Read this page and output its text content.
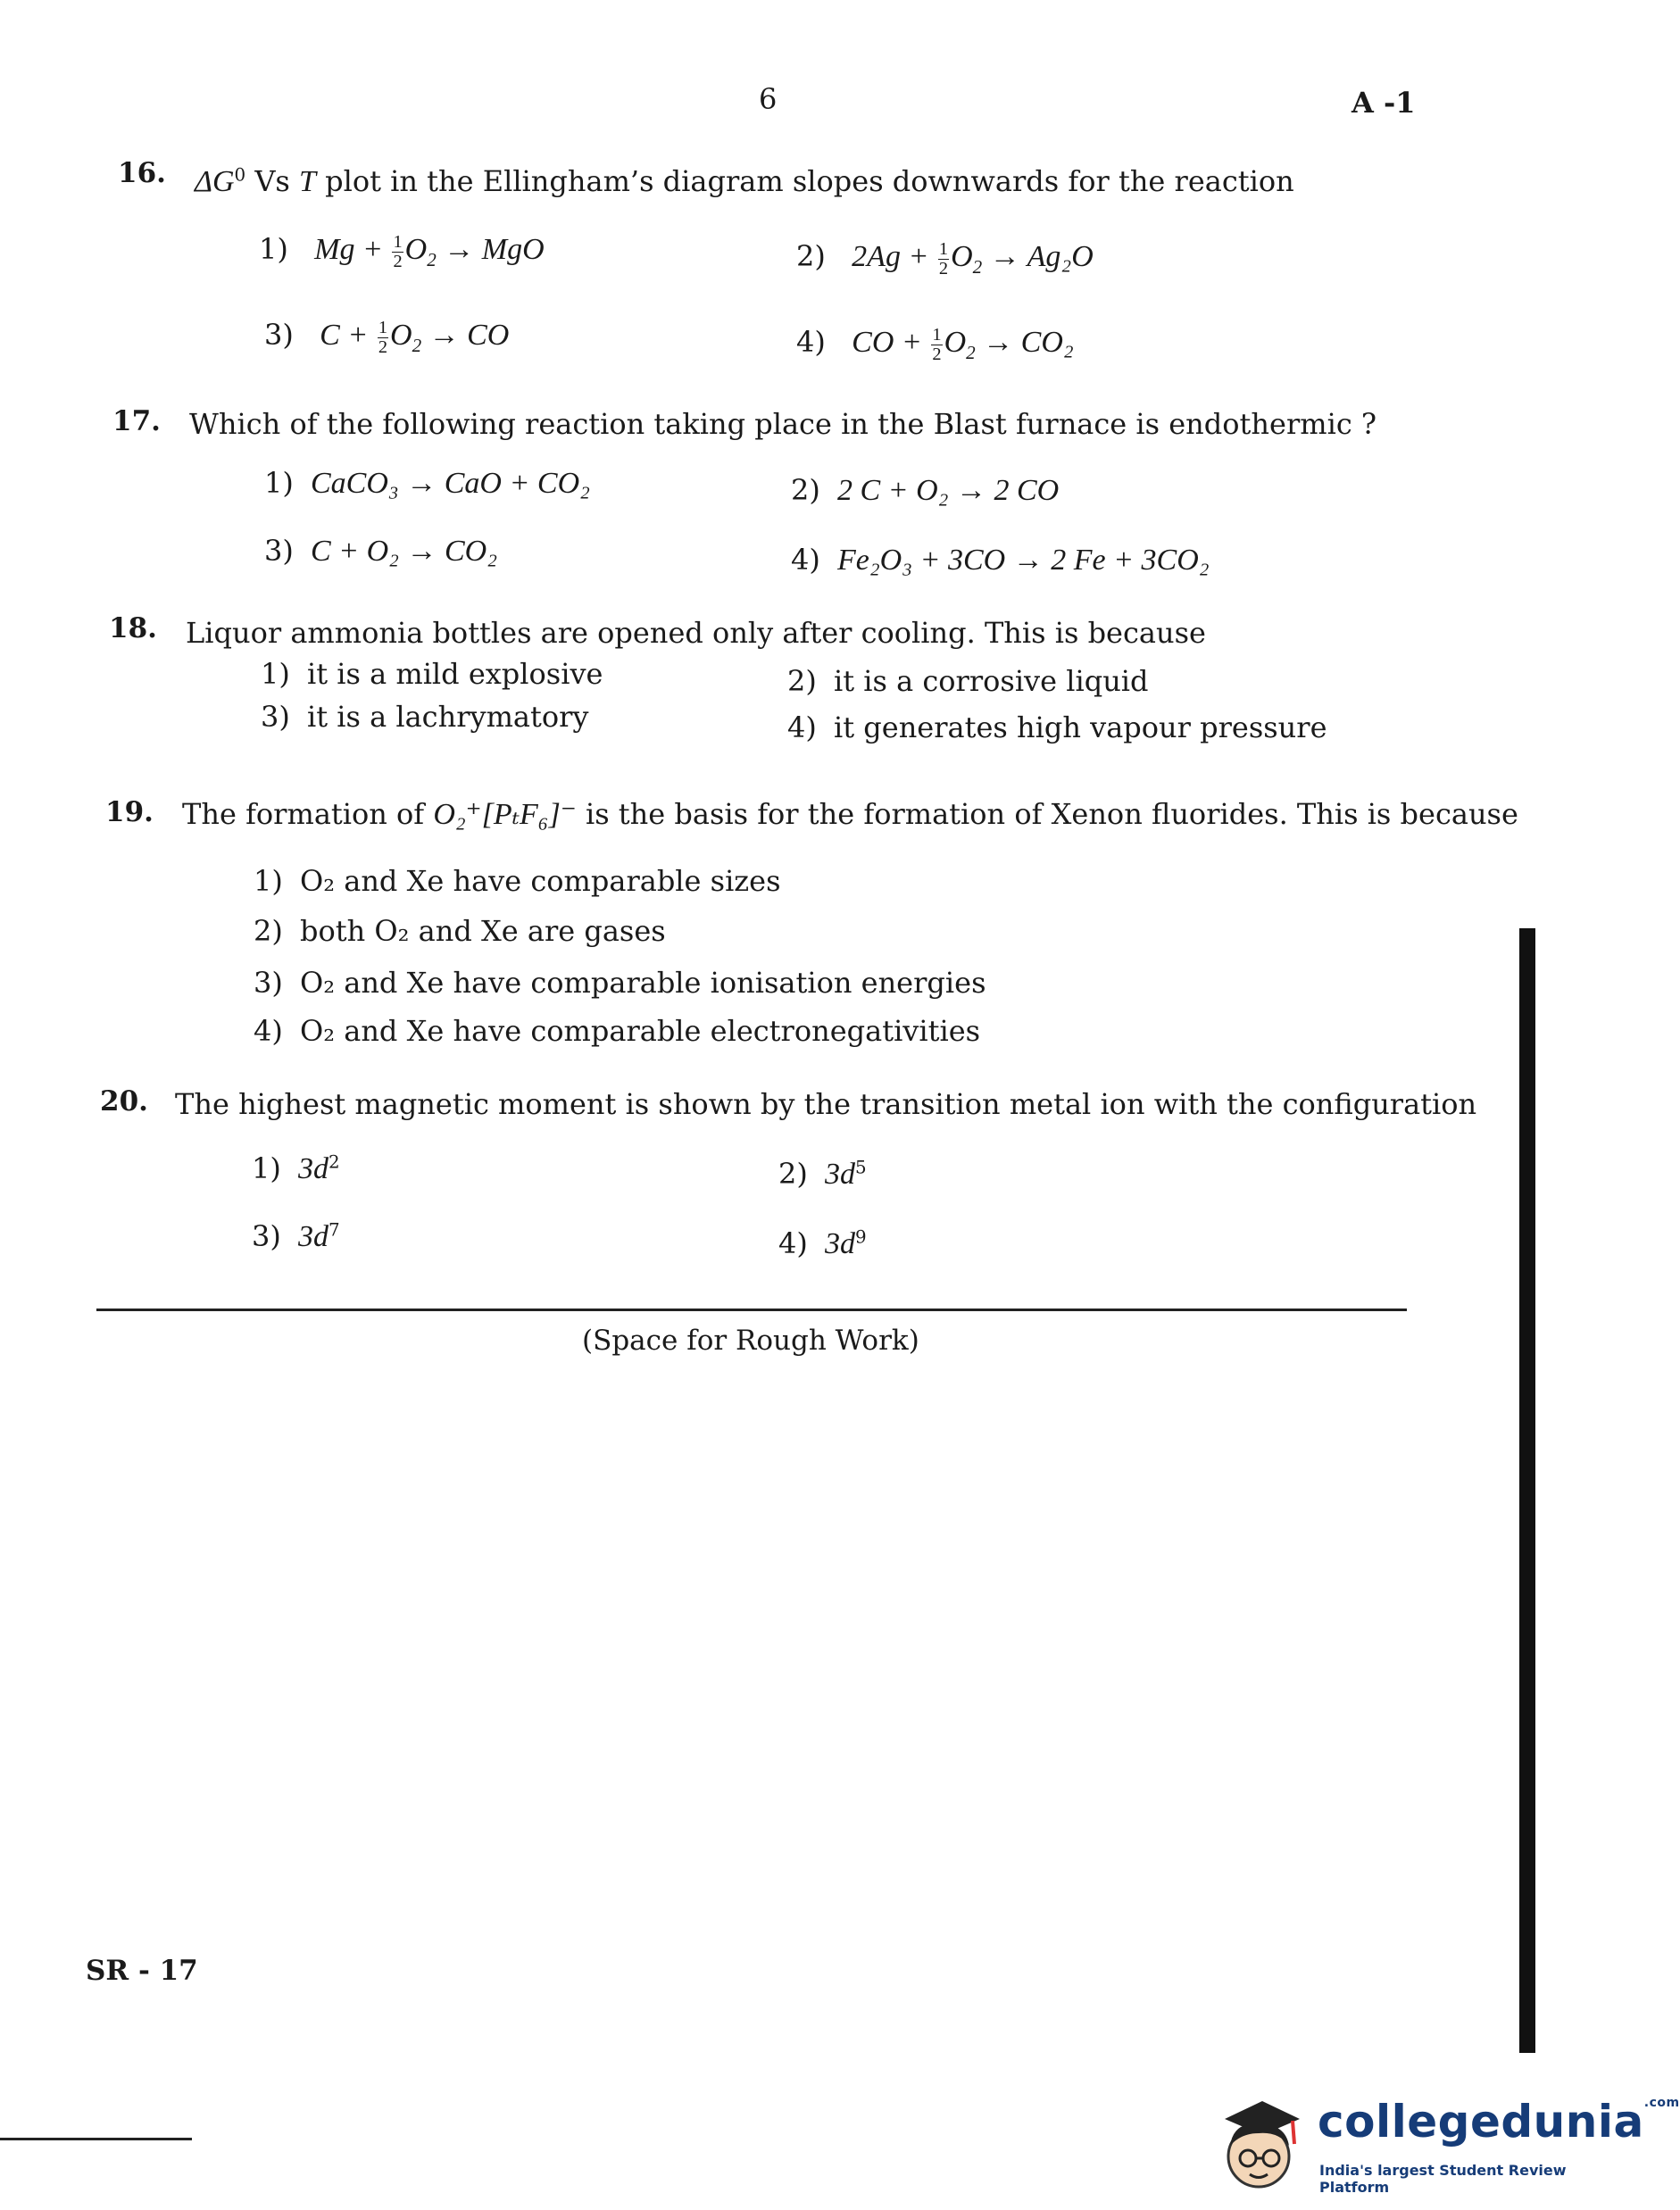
6	A -1
16. $\Delta G^0$ Vs T plot in the Ellingham’s diagram slopes downwards for the reaction
1) $Mg + \frac{1}{2} O_2$ → MgO	2) $2Ag + \frac{1}{2} O_2 \to Ag_2O$
3) $C + \frac{1}{2} O_2$ → CO	4) CO + $\frac{1}{2} O_2 \to CO_2$
17. Which of the following reaction taking place in the Blast furnace is endothermic ?
1) CaCO₃ → CaO + CO₂	2) 2 C + O₂ → 2 CO
3) C + O₂ → CO₂	4) Fe₂O₃ + 3CO → 2 Fe + 3CO₂
18. Liquor ammonia bottles are opened only after cooling. This is because
1) it is a mild explosive	2) it is a corrosive liquid
3) it is a lachrymatory	4) it generates high vapour pressure
19. The formation of O₂⁺[PₜF₆]⁻ is the basis for the formation of Xenon fluorides. This is because
1) O₂ and Xe have comparable sizes
2) both O₂ and Xe are gases
3) O₂ and Xe have comparable ionisation energies
4) O₂ and Xe have comparable electronegativities
20. The highest magnetic moment is shown by the transition metal ion with the configuration
1) $3d^2$	2) $3d^5$
3) $3d^7$	4) $3d^9$
(Space for Rough Work)
SR - 17
collegedunia$^{.com}$
India's largest Student Review Platform
